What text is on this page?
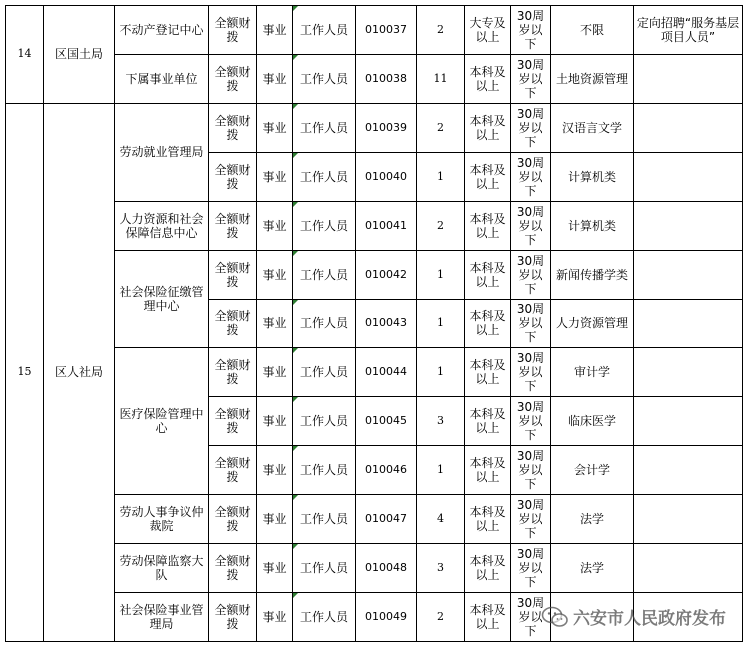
14	区国土局	不动产登记中心	全额财拨	事业	工作人员	010037	2	大专及以上	30周岁以下	不限	定向招聘“服务基层项目人员”
		下属事业单位	全额财拨	事业	工作人员	010038	11	本科及以上	30周岁以下	土地资源管理	
15	区人社局	劳动就业管理局	全额财拨	事业	工作人员	010039	2	本科及以上	30周岁以下	汉语言文学	
			全额财拨	事业	工作人员	010040	1	本科及以上	30周岁以下	计算机类	
		人力资源和社会保障信息中心	全额财拨	事业	工作人员	010041	2	本科及以上	30周岁以下	计算机类	
		社会保险征缴管理中心	全额财拨	事业	工作人员	010042	1	本科及以上	30周岁以下	新闻传播学类	
			全额财拨	事业	工作人员	010043	1	本科及以上	30周岁以下	人力资源管理	
		医疗保险管理中心	全额财拨	事业	工作人员	010044	1	本科及以上	30周岁以下	审计学	
			全额财拨	事业	工作人员	010045	3	本科及以上	30周岁以下	临床医学	
			全额财拨	事业	工作人员	010046	1	本科及以上	30周岁以下	会计学	
		劳动人事争议仲裁院	全额财拨	事业	工作人员	010047	4	本科及以上	30周岁以下	法学	
		劳动保障监察大队	全额财拨	事业	工作人员	010048	3	本科及以上	30周岁以下	法学	
		社会保险事业管理局	全额财拨	事业	工作人员	010049	2	本科及以上	30周岁以下		
六安市人民政府发布
